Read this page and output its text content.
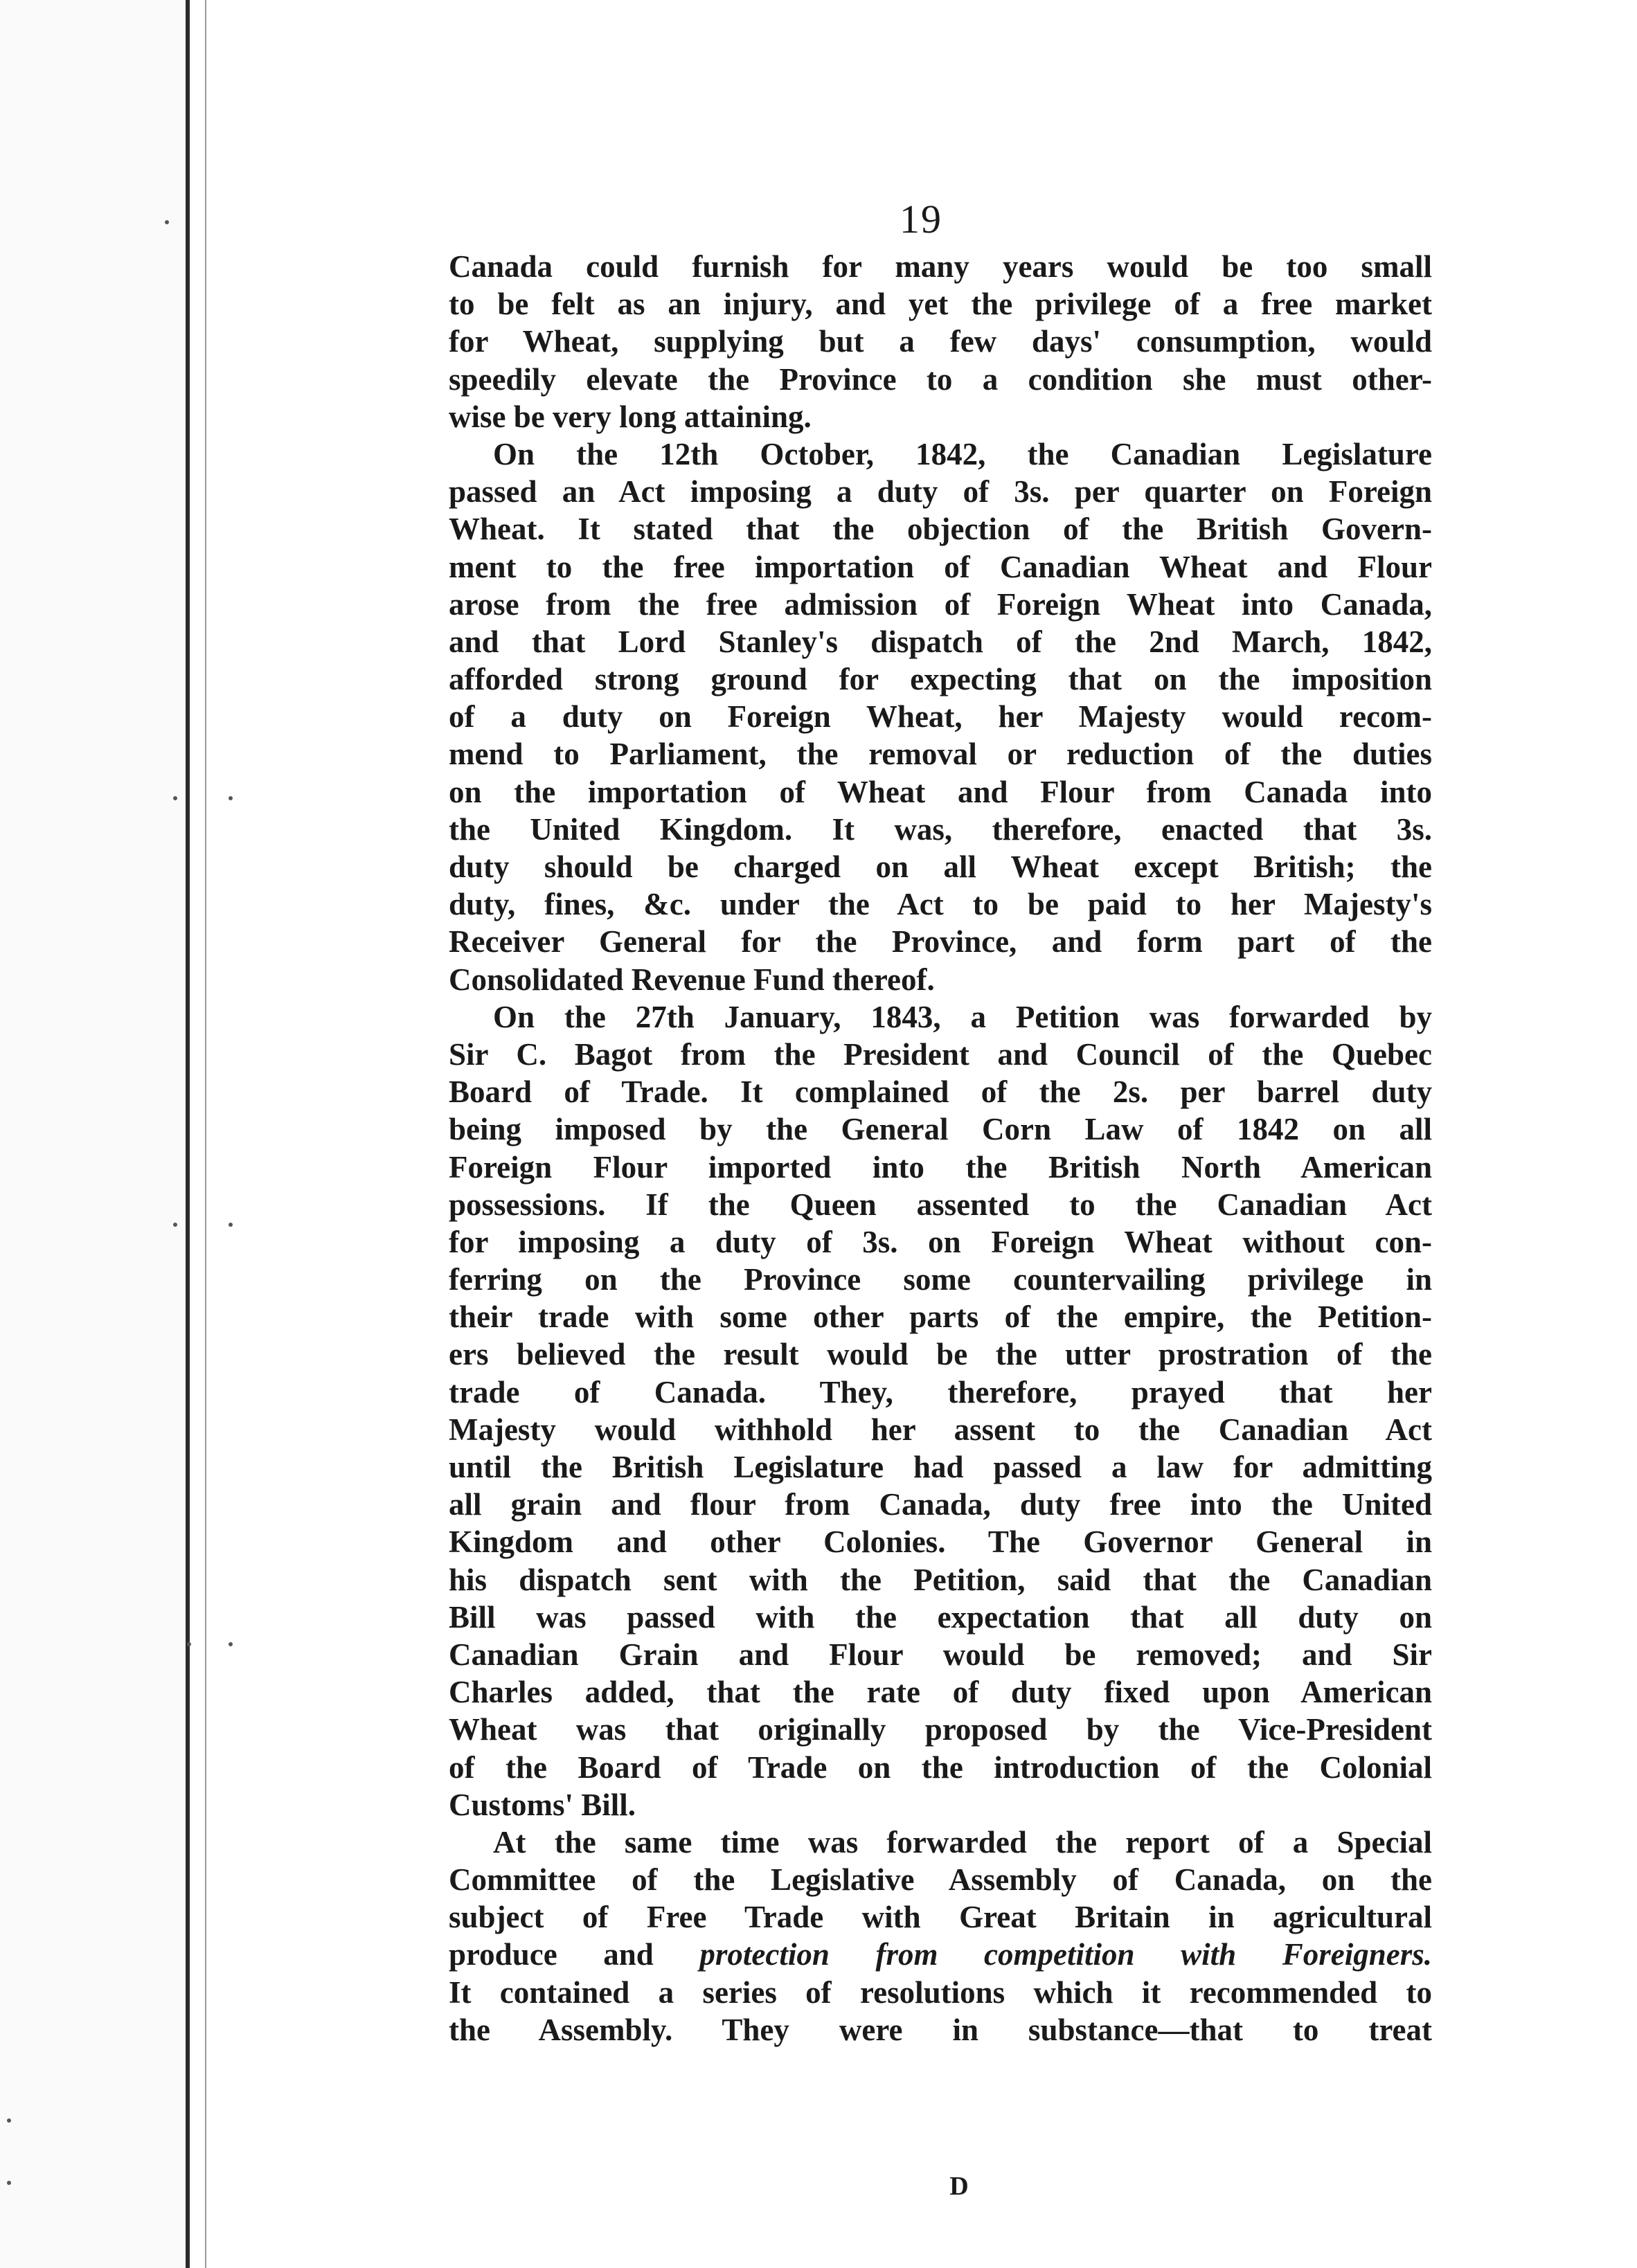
19
Canada could furnish for many years would be too small
to be felt as an injury, and yet the privilege of a free market
for Wheat, supplying but a few days' consumption, would
speedily elevate the Province to a condition she must other-
wise be very long attaining.
On the 12th October, 1842, the Canadian Legislature
passed an Act imposing a duty of 3s. per quarter on Foreign
Wheat. It stated that the objection of the British Govern-
ment to the free importation of Canadian Wheat and Flour
arose from the free admission of Foreign Wheat into Canada,
and that Lord Stanley's dispatch of the 2nd March, 1842,
afforded strong ground for expecting that on the imposition
of a duty on Foreign Wheat, her Majesty would recom-
mend to Parliament, the removal or reduction of the duties
on the importation of Wheat and Flour from Canada into
the United Kingdom. It was, therefore, enacted that 3s.
duty should be charged on all Wheat except British; the
duty, fines, &c. under the Act to be paid to her Majesty's
Receiver General for the Province, and form part of the
Consolidated Revenue Fund thereof.
On the 27th January, 1843, a Petition was forwarded by
Sir C. Bagot from the President and Council of the Quebec
Board of Trade. It complained of the 2s. per barrel duty
being imposed by the General Corn Law of 1842 on all
Foreign Flour imported into the British North American
possessions. If the Queen assented to the Canadian Act
for imposing a duty of 3s. on Foreign Wheat without con-
ferring on the Province some countervailing privilege in
their trade with some other parts of the empire, the Petition-
ers believed the result would be the utter prostration of the
trade of Canada. They, therefore, prayed that her
Majesty would withhold her assent to the Canadian Act
until the British Legislature had passed a law for admitting
all grain and flour from Canada, duty free into the United
Kingdom and other Colonies. The Governor General in
his dispatch sent with the Petition, said that the Canadian
Bill was passed with the expectation that all duty on
Canadian Grain and Flour would be removed; and Sir
Charles added, that the rate of duty fixed upon American
Wheat was that originally proposed by the Vice-President
of the Board of Trade on the introduction of the Colonial
Customs' Bill.
At the same time was forwarded the report of a Special
Committee of the Legislative Assembly of Canada, on the
subject of Free Trade with Great Britain in agricultural
produce and protection from competition with Foreigners.
It contained a series of resolutions which it recommended to
the Assembly. They were in substance—that to treat
D
